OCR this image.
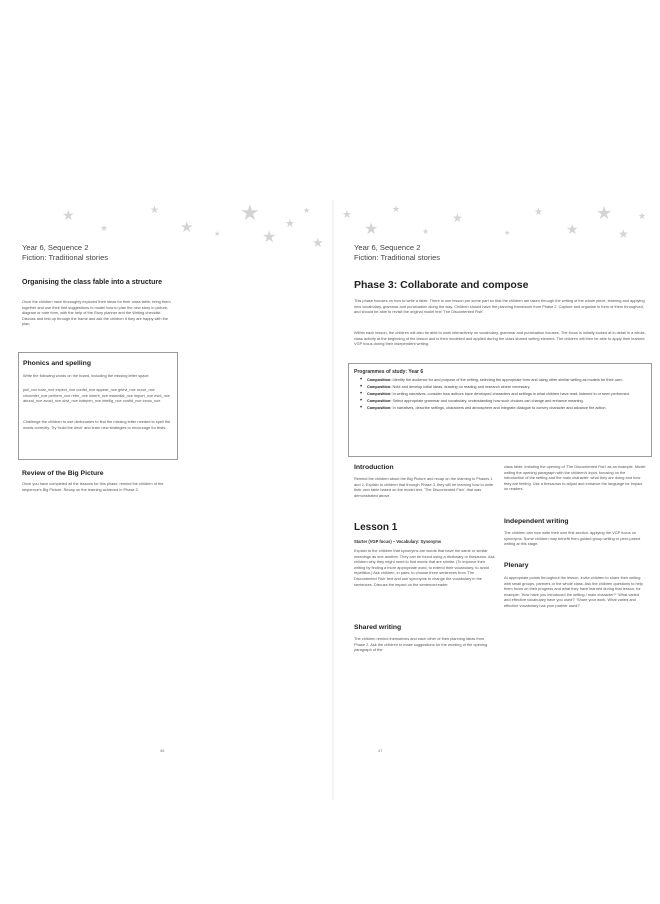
★
★
★
★	★
★
★
★
★
★
Year 6, Sequence 2
Fiction: Traditional stories
Organising the class fable into a structure

Once the children have thoroughly explored their ideas for their class fable, bring them together and use their first suggestions to model how to plan the new story in picture, diagram or note form, with the help of the Story planner and the Writing checklist. Discuss and test up through the frame and ask the children if they are happy with the plan.

Phonics and spelling

Write the following words on the board, including the missing letter space.

pull_ncc tolar_nce expect_nce confid_nce appear_nce grievi_nce occur_nce circumfer_nce perform_nce refer_nce inherit_nce essential_nce import_nce evid_nce abund_nce avoid_nce obvi_nce indepen_nce intellig_nce confid_nce innoc_nce

Challenge the children to use dictionaries to find the missing letter needed to spell the words correctly. Try 'build the deck' and learn new strategies to encourage for tests.

Review of the Big Picture

Once you have completed all the lessons for this phase, remind the children of the sequence's Big Picture. Recap on the learning achieved in Phase 2.

46
★
★
★
★
★
★
★
★
★
★
★
Year 6, Sequence 2
Fiction: Traditional stories
Phase 3: Collaborate and compose

This phase focuses on how to write a fable. There is one lesson per some part so that the children are taken through the writing of the whole piece, learning and applying new vocabulary, grammar and punctuation along the way. Children should have the planning framework from Phase 2. Capture and organise in form of them throughout, and should be able to revisit the original model text 'The Discontented Fish'.

Within each lesson, the children will also be able to work interactively on vocabulary, grammar and punctuation focuses. The focus is initially looked at in detail in a whole-class activity at the beginning of the lesson and is then modelled and applied during the class shared writing element. The children will then be able to apply their learned VGP focus during their independent writing.

Programmes of study: Year 6
• Composition: Identify the audience for and purpose of the writing, selecting the appropriate form and using other similar writing as models for their own.
• Composition: Note and develop initial ideas, drawing on reading and research where necessary.
• Composition: In writing narratives, consider how authors have developed characters and settings in what children have read, listened to or seen performed.
• Composition: Select appropriate grammar and vocabulary, understanding how such choices can change and enhance meaning.
• Composition: In narratives, describe settings, characters and atmosphere and integrate dialogue to convey character and advance the action.
Introduction

Remind the children about the Big Picture and recap on the learning in Phases 1 and 2. Explain to children that through Phase 3, they will be learning how to write their own fable based on the model text, 'The Discontented Fish', that was demonstrated above.

Lesson 1
Starter (VGP focus) – Vocabulary: Synonyms

Explain to the children that synonyms are words that have the same or similar meanings as one another. They can be found using a dictionary or thesaurus. Ask children why they might need to find words that are similar. (To improve their writing by finding a more appropriate word; to extend their vocabulary; to avoid repetition.) Ask children, in pairs, to choose three sentences from 'The Discontented Fish' text and use synonyms to change the vocabulary in the sentences. Discuss the impact on the sentence/reader.

Shared writing

The children remind themselves and each other of their planning ideas from Phase 2. Ask the children to make suggestions for the wording of the opening paragraph of the

class fable, imitating the opening of 'The Discontented Fish' as an example. Model writing the opening paragraph with the children's input, focusing on the introduction of the setting and the main character: what they are doing and how they are feeling. Use a thesaurus to adjust and enhance the language for impact on readers.

Independent writing

The children can now write their own first section, applying the VGP focus on synonyms. Some children may benefit from guided group writing or peer-paired writing at this stage.

Plenary

At appropriate points throughout the lesson, invite children to share their writing with small groups, partners or the whole class. Ask the children questions to help them focus on their progress and what they have learned during that lesson, for example: 'How have you introduced the setting / main character?' 'What varied and effective vocabulary have you used?' 'Share your work. What varied and effective vocabulary has your partner used?'

47
